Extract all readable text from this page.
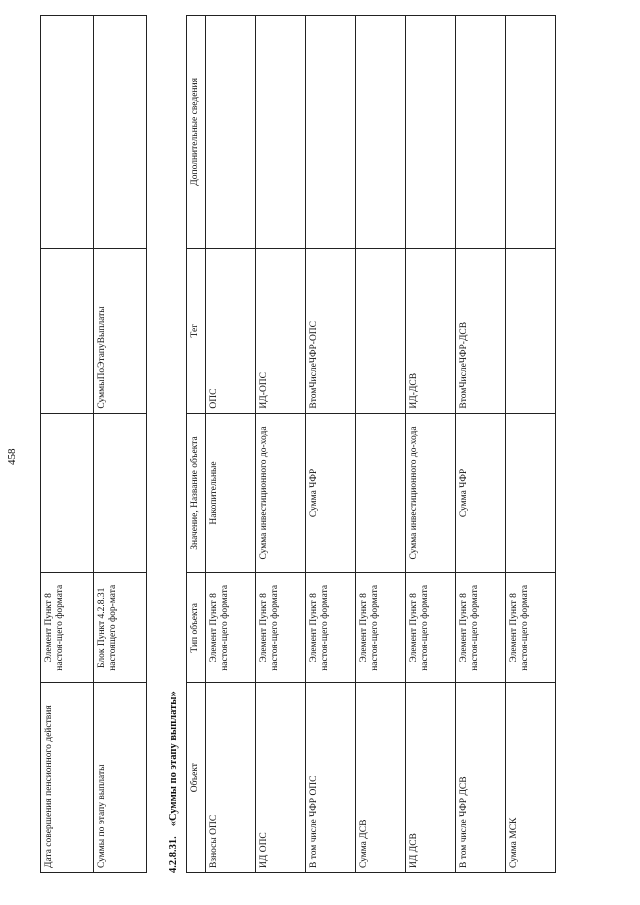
458
Дата совершения пенсионного действия	Элемент Пункт 8 настоя-щего формата			
Суммы по этапу выплаты	Блок Пункт 4.2.8.31 настоящего фор-мата		СуммыПоЭтапуВыплаты	
4.2.8.31.«Суммы по этапу выплаты» Объект	Тип объекта	Значение, Название объекта	Тег	Дополнительные сведения
Взносы ОПС	Элемент Пункт 8 настоя-щего формата	Накопительные	ОПС	
ИД ОПС	Элемент Пункт 8 настоя-щего формата	Сумма инвестиционного до-хода	ИД-ОПС	
В том числе ЧФР ОПС	Элемент Пункт 8 настоя-щего формата	Сумма ЧФР	ВтомЧислеЧФР-ОПС	
Сумма ДСВ	Элемент Пункт 8 настоя-щего формата			
ИД ДСВ	Элемент Пункт 8 настоя-щего формата	Сумма инвестиционного до-хода	ИД-ДСВ	
В том числе ЧФР ДСВ	Элемент Пункт 8 настоя-щего формата	Сумма ЧФР	ВтомЧислеЧФР-ДСВ	
Сумма МСК	Элемент Пункт 8 настоя-щего формата			
